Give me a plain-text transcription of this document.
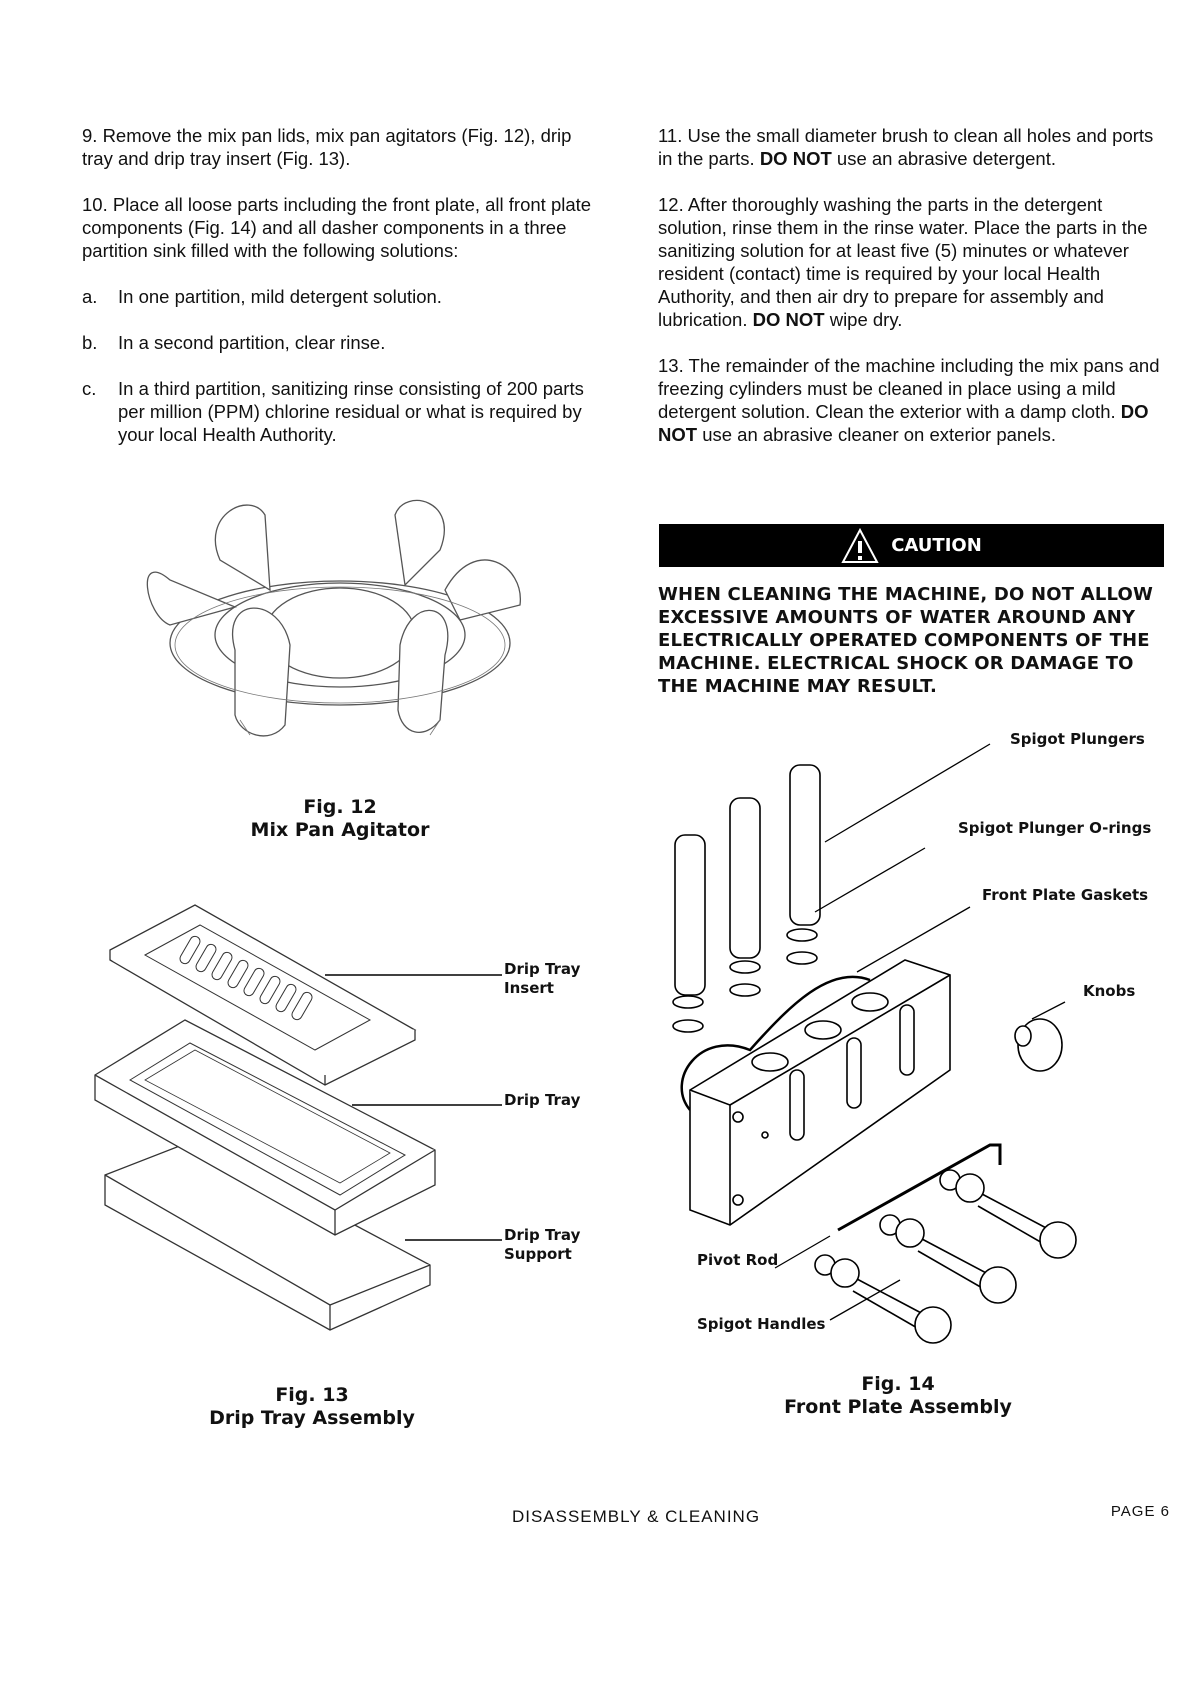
9. Remove the mix pan lids, mix pan agitators (Fig. 12), drip tray and drip tray insert (Fig. 13).

10. Place all loose parts including the front plate, all front plate components (Fig. 14) and all dasher components in a three partition sink filled with the following solutions:

a.	In one partition, mild detergent solution.
b.	In a second partition, clear rinse.
c.	In a third partition, sanitizing rinse consisting of 200 parts per million (PPM) chlorine residual or what is required by your local Health Authority.

11. Use the small diameter brush to clean all holes and ports in the parts. DO NOT use an abrasive detergent.

12. After thoroughly washing the parts in the detergent solution, rinse them in the rinse water. Place the parts in the sanitizing solution for at least five (5) minutes or whatever resident (contact) time is required by your local Health Authority, and then air dry to prepare for assembly and lubrication. DO NOT wipe dry.

13. The remainder of the machine including the mix pans and freezing cylinders must be cleaned in place using a mild detergent solution. Clean the exterior with a damp cloth. DO NOT use an abrasive cleaner on exterior panels.

CAUTION
WHEN CLEANING THE MACHINE, DO NOT ALLOW EXCESSIVE AMOUNTS OF WATER AROUND ANY ELECTRICALLY OPERATED COMPONENTS OF THE MACHINE. ELECTRICAL SHOCK OR DAMAGE TO THE MACHINE MAY RESULT.
Fig. 12
Mix Pan Agitator
Drip Tray
Insert
Drip Tray
Drip Tray
Support
Fig. 13
Drip Tray Assembly
Spigot Plungers
Spigot Plunger O-rings
Front Plate Gaskets
Knobs
Pivot Rod
Spigot Handles
Fig. 14
Front Plate Assembly
DISASSEMBLY & CLEANING	PAGE 6
